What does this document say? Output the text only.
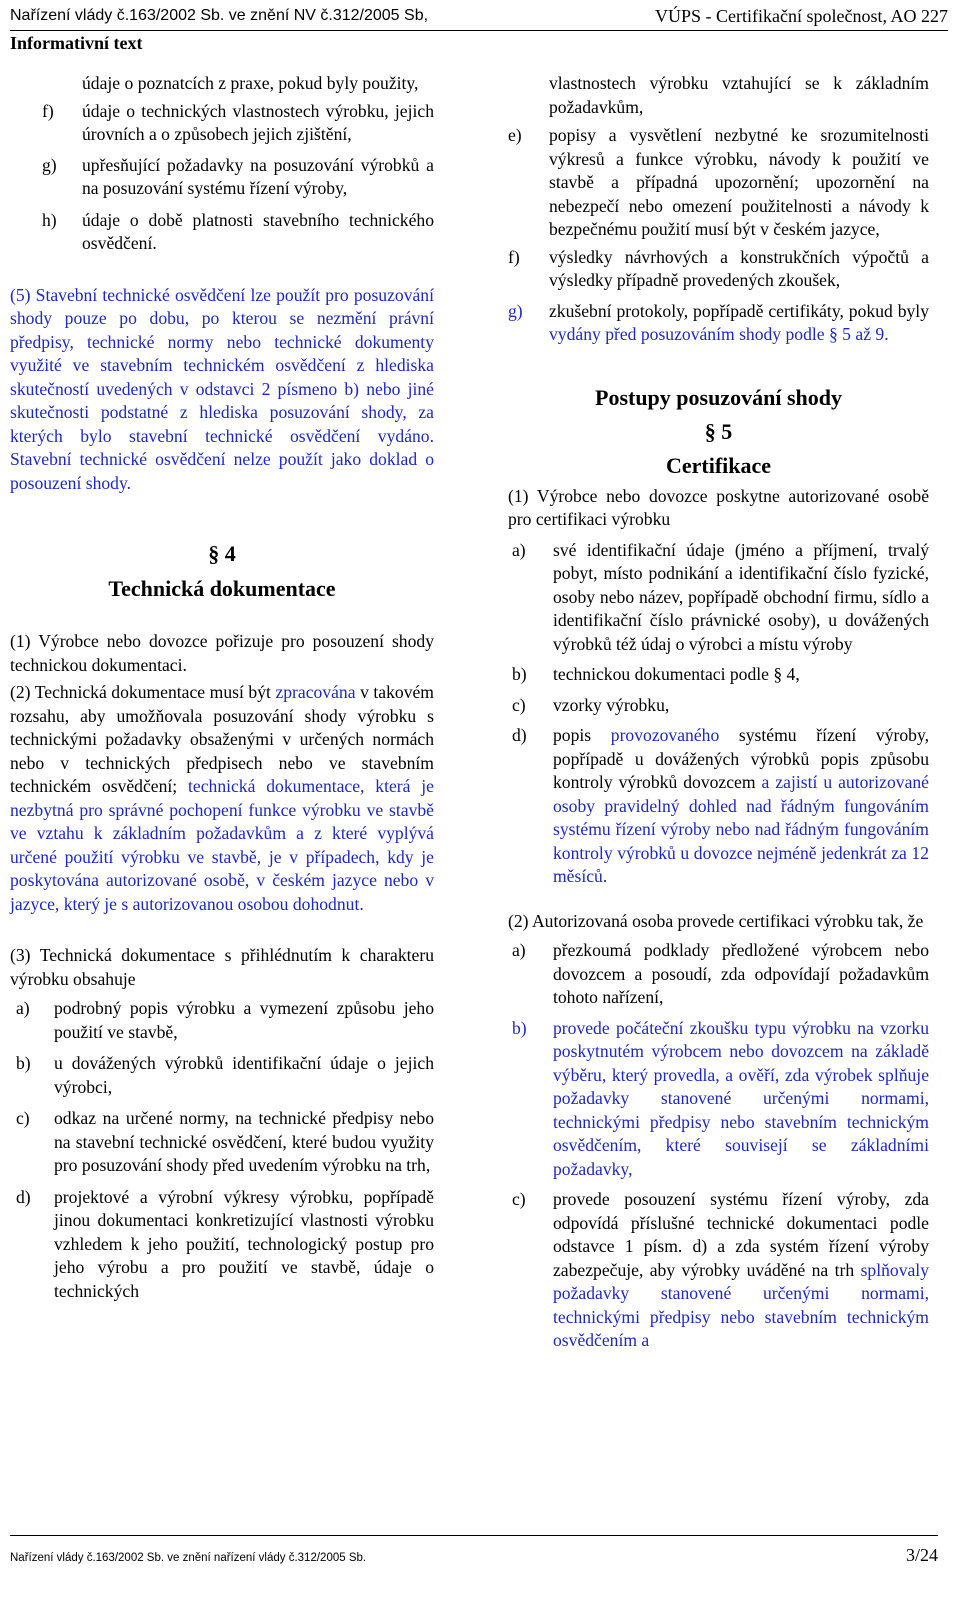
Nařízení vlády č.163/2002 Sb. ve znění NV č.312/2005 Sb,	VÚPS - Certifikační společnost, AO 227
Informativní text
údaje o poznatcích z praxe, pokud byly použity,
f)	údaje o technických vlastnostech výrobku, jejich úrovních a o způsobech jejich zjištění,
g)	upřesňující požadavky na posuzování výrobků a na posuzování systému řízení výroby,
h)	údaje o době platnosti stavebního technického osvědčení.

(5) Stavební technické osvědčení lze použít pro posuzování shody pouze po dobu, po kterou se nezmění právní předpisy, technické normy nebo technické dokumenty využité ve stavebním technickém osvědčení z hlediska skutečností uvedených v odstavci 2 písmeno b) nebo jiné skutečnosti podstatné z hlediska posuzování shody, za kterých bylo stavební technické osvědčení vydáno. Stavební technické osvědčení nelze použít jako doklad o posouzení shody.

§ 4
Technická dokumentace

(1) Výrobce nebo dovozce pořizuje pro posouzení shody technickou dokumentaci.

(2) Technická dokumentace musí být zpracována v takovém rozsahu, aby umožňovala posuzování shody výrobku s technickými požadavky obsaženými v určených normách nebo v technických předpisech nebo ve stavebním technickém osvědčení; technická dokumentace, která je nezbytná pro správné pochopení funkce výrobku ve stavbě ve vztahu k základním požadavkům a z které vyplývá určené použití výrobku ve stavbě, je v případech, kdy je poskytována autorizované osobě, v českém jazyce nebo v jazyce, který je s autorizovanou osobou dohodnut.

(3) Technická dokumentace s přihlédnutím k charakteru výrobku obsahuje

a)	podrobný popis výrobku a vymezení způsobu jeho použití ve stavbě,
b)	u dovážených výrobků identifikační údaje o jejich výrobci,
c)	odkaz na určené normy, na technické předpisy nebo na stavební technické osvědčení, které budou využity pro posuzování shody před uvedením výrobku na trh,
d)	projektové a výrobní výkresy výrobku, popřípadě jinou dokumentaci konkretizující vlastnosti výrobku vzhledem k jeho použití, technologický postup pro jeho výrobu a pro použití ve stavbě, údaje o technických
vlastnostech výrobku vztahující se k základním požadavkům,
e)	popisy a vysvětlení nezbytné ke srozumitelnosti výkresů a funkce výrobku, návody k použití ve stavbě a případná upozornění; upozornění na nebezpečí nebo omezení použitelnosti a návody k bezpečnému použití musí být v českém jazyce,
f)	výsledky návrhových a konstrukčních výpočtů a výsledky případně provedených zkoušek,
g)	zkušební protokoly, popřípadě certifikáty, pokud byly vydány před posuzováním shody podle § 5 až 9.
Postupy posuzování shody
§ 5
Certifikace

(1) Výrobce nebo dovozce poskytne autorizované osobě pro certifikaci výrobku

a)	své identifikační údaje (jméno a příjmení, trvalý pobyt, místo podnikání a identifikační číslo fyzické, osoby nebo název, popřípadě obchodní firmu, sídlo a identifikační číslo právnické osoby), u dovážených výrobků též údaj o výrobci a místu výroby
b)	technickou dokumentaci podle § 4,
c)	vzorky výrobku,
d)	popis provozovaného systému řízení výroby, popřípadě u dovážených výrobků popis způsobu kontroly výrobků dovozcem a zajistí u autorizované osoby pravidelný dohled nad řádným fungováním systému řízení výroby nebo nad řádným fungováním kontroly výrobků u dovozce nejméně jedenkrát za 12 měsíců.

(2) Autorizovaná osoba provede certifikaci výrobku tak, že

a)	přezkoumá podklady předložené výrobcem nebo dovozcem a posoudí, zda odpovídají požadavkům tohoto nařízení,
b)	provede počáteční zkoušku typu výrobku na vzorku poskytnutém výrobcem nebo dovozcem na základě výběru, který provedla, a ověří, zda výrobek splňuje požadavky stanovené určenými normami, technickými předpisy nebo stavebním technickým osvědčením, které souvisejí se základními požadavky,
c)	provede posouzení systému řízení výroby, zda odpovídá příslušné technické dokumentaci podle odstavce 1 písm. d) a zda systém řízení výroby zabezpečuje, aby výrobky uváděné na trh splňovaly požadavky stanovené určenými normami, technickými předpisy nebo stavebním technickým osvědčením a
Nařízení vlády č.163/2002 Sb. ve znění nařízení vlády č.312/2005 Sb.	3/24
